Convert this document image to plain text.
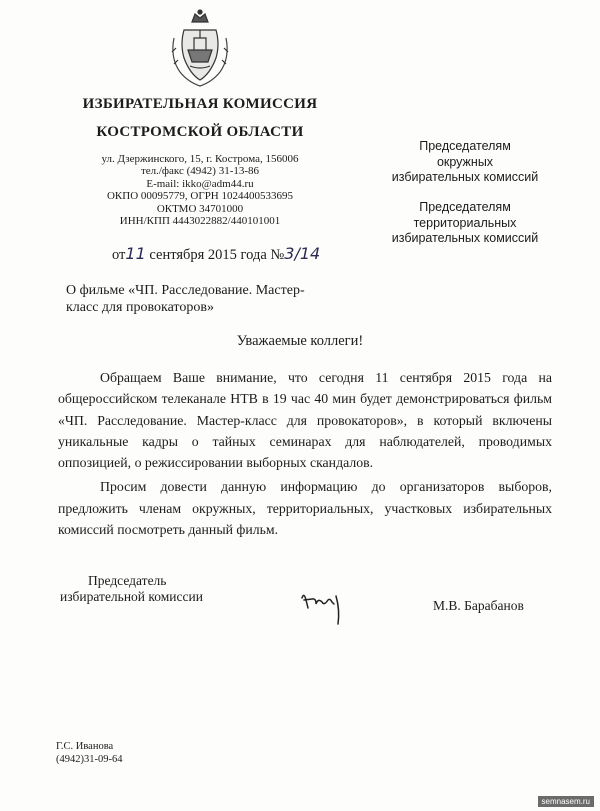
ИЗБИРАТЕЛЬНАЯ КОМИССИЯ
КОСТРОМСКОЙ ОБЛАСТИ
ул. Дзержинского, 15, г. Кострома, 156006
тел./факс (4942) 31-13-86
E-mail: ikko@adm44.ru
ОКПО 00095779, ОГРН 1024400533695
ОКТМО 34701000
ИНН/КПП 4443022882/440101001
от11 сентября 2015 года №3/14
Председателям
окружных
избирательных комиссий
Председателям
территориальных
избирательных комиссий
О фильме «ЧП. Расследование. Мастер-
класс для провокаторов»
Уважаемые коллеги!

Обращаем Ваше внимание, что сегодня 11 сентября 2015 года на общероссийском телеканале НТВ в 19 час 40 мин будет демонстрироваться фильм «ЧП. Расследование. Мастер-класс для провокаторов», в который включены уникальные кадры о тайных семинарах для наблюдателей, проводимых оппозицией, о режиссировании выборных скандалов.

Просим довести данную информацию до организаторов выборов, предложить членам окружных, территориальных, участковых избирательных комиссий посмотреть данный фильм.

Председатель
избирательной комиссии
М.В. Барабанов
Г.С. Иванова
(4942)31-09-64
semnasem.ru
